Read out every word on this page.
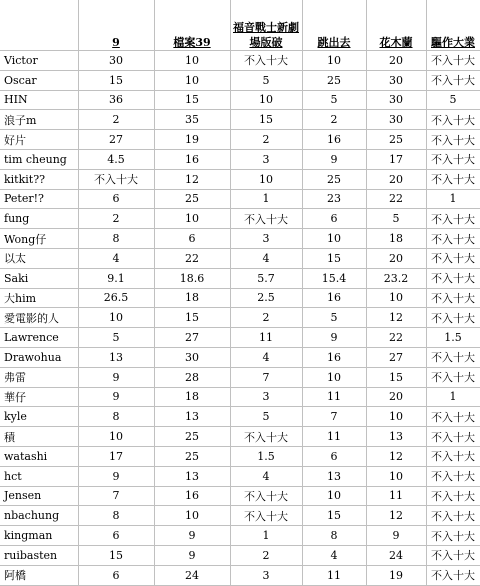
	9	檔案39	福音戰士新劇場版破	跳出去	花木蘭	驅作大業
Victor	30	10	不入十大	10	20	不入十大
Oscar	15	10	5	25	30	不入十大
HIN	36	15	10	5	30	5
浪子m	2	35	15	2	30	不入十大
好片	27	19	2	16	25	不入十大
tim cheung	4.5	16	3	9	17	不入十大
kitkit??	不入十大	12	10	25	20	不入十大
Peter!?	6	25	1	23	22	1
fung	2	10	不入十大	6	5	不入十大
Wong仔	8	6	3	10	18	不入十大
以太	4	22	4	15	20	不入十大
Saki	9.1	18.6	5.7	15.4	23.2	不入十大
大him	26.5	18	2.5	16	10	不入十大
愛電影的人	10	15	2	5	12	不入十大
Lawrence	5	27	11	9	22	1.5
Drawohua	13	30	4	16	27	不入十大
弗雷	9	28	7	10	15	不入十大
華仔	9	18	3	11	20	1
kyle	8	13	5	7	10	不入十大
積	10	25	不入十大	11	13	不入十大
watashi	17	25	1.5	6	12	不入十大
hct	9	13	4	13	10	不入十大
Jensen	7	16	不入十大	10	11	不入十大
nbachung	8	10	不入十大	15	12	不入十大
kingman	6	9	1	8	9	不入十大
ruibasten	15	9	2	4	24	不入十大
阿橋	6	24	3	11	19	不入十大
